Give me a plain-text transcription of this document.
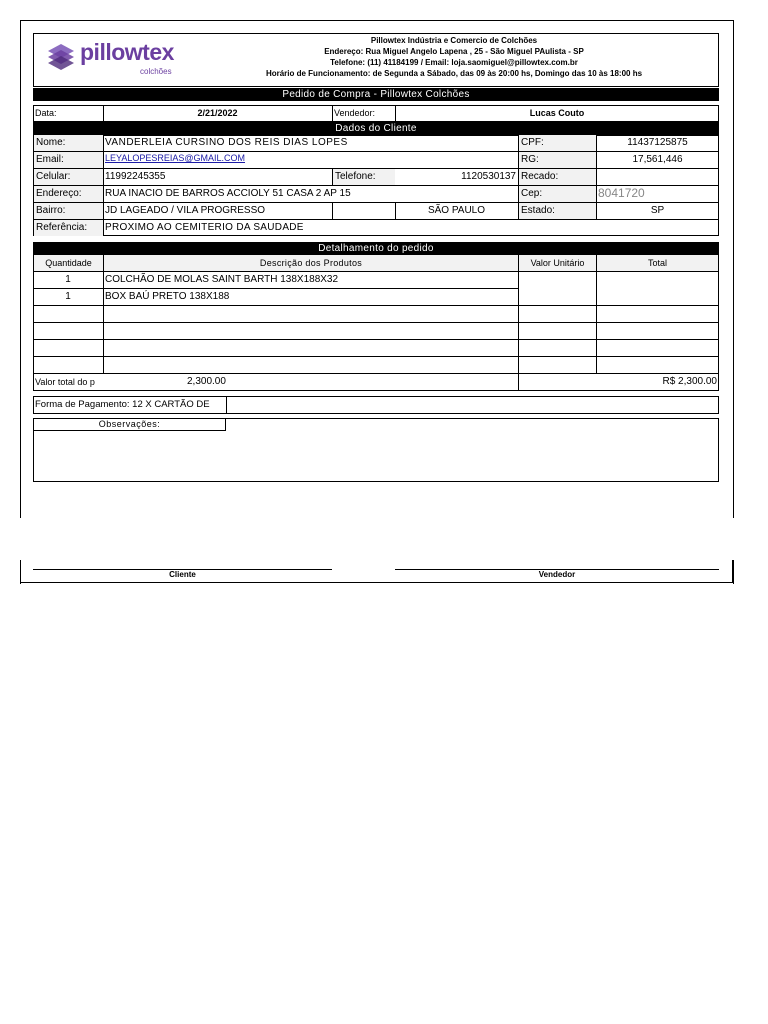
pillowtex
colchões
Pillowtex Indústria e Comercio de Colchões
Endereço: Rua Miguel Angelo Lapena , 25 - São Miguel PAulista - SP
Telefone: (11) 41184199 / Email: loja.saomiguel@pillowtex.com.br
Horário de Funcionamento: de Segunda a Sábado, das 09 às 20:00 hs, Domingo das 10 às 18:00 hs
Pedido de Compra - Pillowtex Colchões
Data:	2/21/2022	Vendedor:	Lucas Couto
Dados do Cliente
Nome:	VANDERLEIA CURSINO DOS REIS DIAS LOPES	CPF:	11437125875
Email:	LEYALOPESREIAS@GMAIL.COM	RG:	17,561,446
Celular:	11992245355	Telefone:	1120530137 Recado:
Endereço:	RUA INACIO DE BARROS ACCIOLY 51 CASA 2 AP 15	Cep:	8041720
Bairro:	JD LAGEADO / VILA PROGRESSO	SÃO PAULO	Estado:	SP
Referência:	PROXIMO AO CEMITERIO DA SAUDADE
Detalhamento do pedido
Quantidade	Descrição dos Produtos	Valor Unitário	Total
1	COLCHÃO DE MOLAS SAINT BARTH 138X188X32
1	BOX BAÚ PRETO 138X188
Valor total do p	2,300.00	R$ 2,300.00
Forma de Pagamento: 12 X CARTÃO DE
Observações:
Cliente	Vendedor
